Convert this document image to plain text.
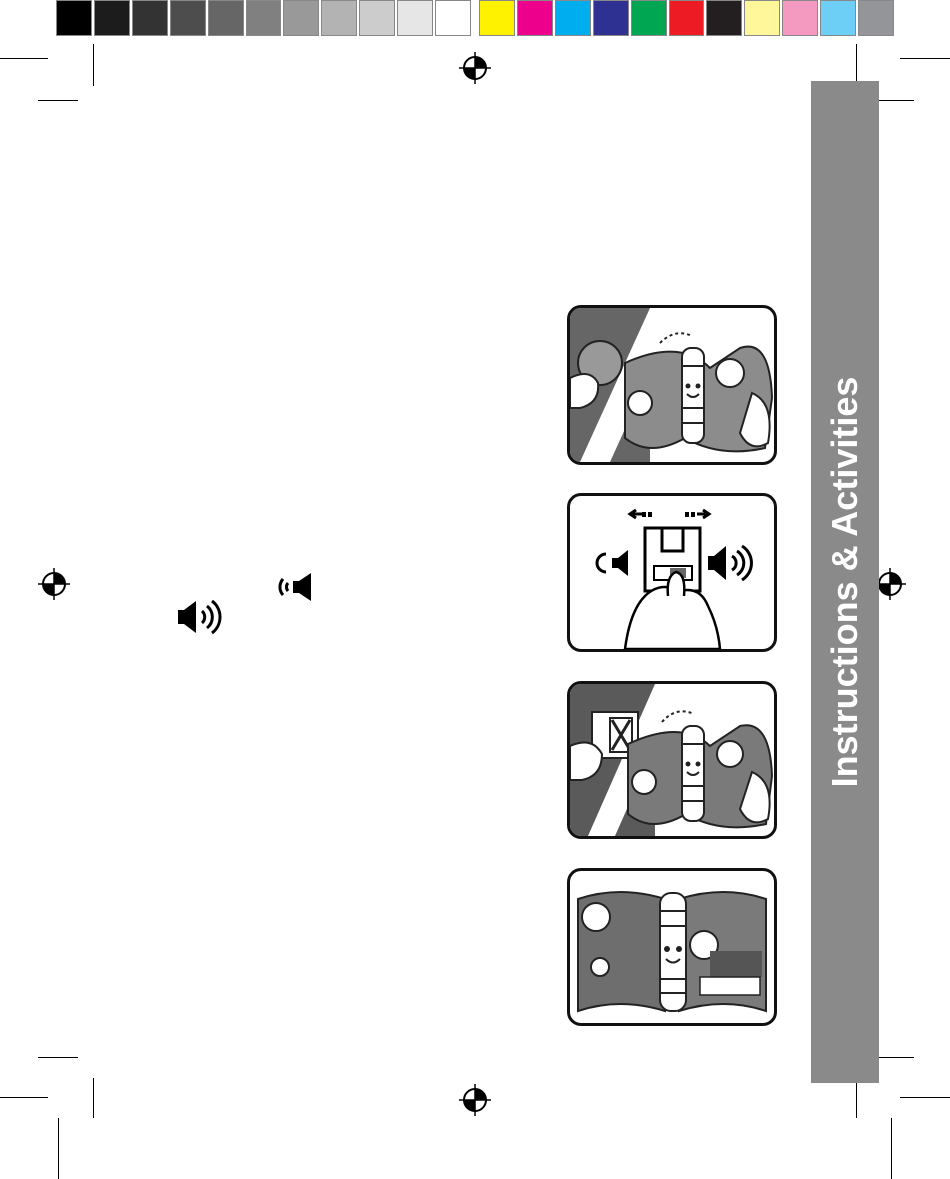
Instructions & Activities
